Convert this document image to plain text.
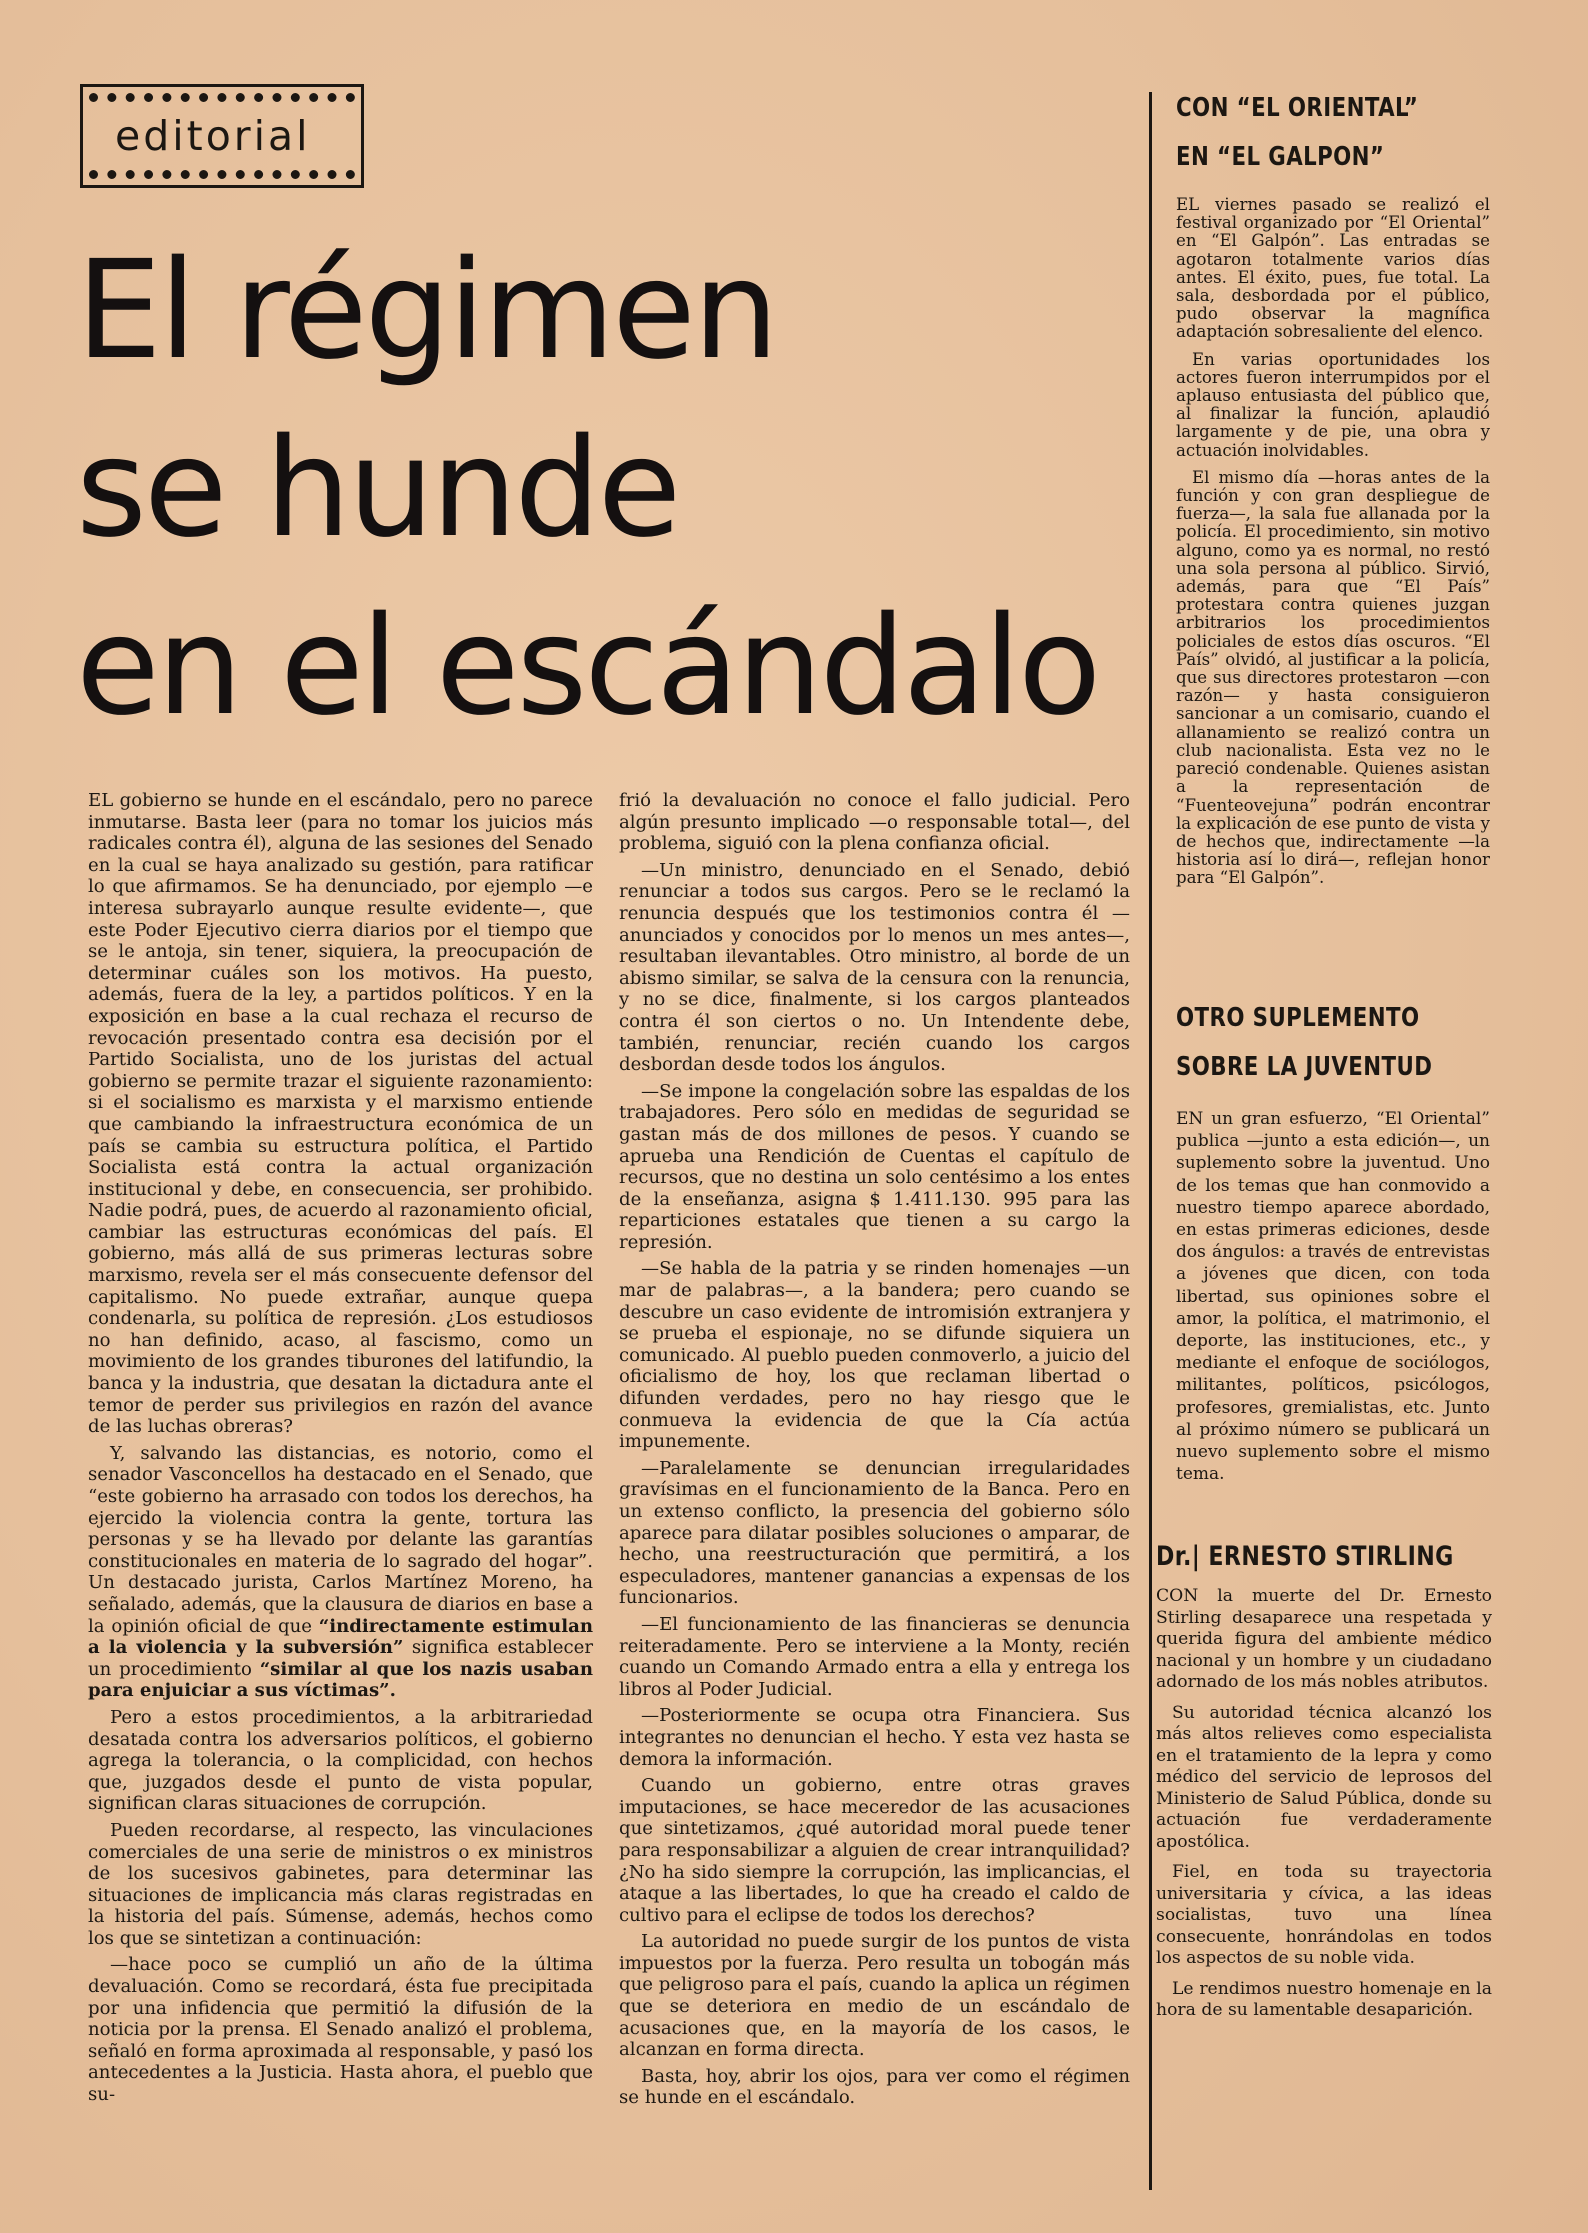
editorial
El régimen
se hunde
en el escándalo

EL gobierno se hunde en el escándalo, pero no parece inmutarse. Basta leer (para no tomar los juicios más radicales contra él), alguna de las sesiones del Senado en la cual se haya analizado su gestión, para ratificar lo que afirmamos. Se ha denunciado, por ejemplo —e interesa subrayarlo aunque resulte evidente—, que este Poder Ejecutivo cierra diarios por el tiempo que se le antoja, sin tener, siquiera, la preocupación de determinar cuáles son los motivos. Ha puesto, además, fuera de la ley, a partidos políticos. Y en la exposición en base a la cual rechaza el recurso de revocación presentado contra esa decisión por el Partido Socialista, uno de los juristas del actual gobierno se permite trazar el siguiente razonamiento: si el socialismo es marxista y el marxismo entiende que cambiando la infraestructura económica de un país se cambia su estructura política, el Partido Socialista está contra la actual organización institucional y debe, en consecuencia, ser prohibido. Nadie podrá, pues, de acuerdo al razonamiento oficial, cambiar las estructuras económicas del país. El gobierno, más allá de sus primeras lecturas sobre marxismo, revela ser el más consecuente defensor del capitalismo. No puede extrañar, aunque quepa condenarla, su política de represión. ¿Los estudiosos no han definido, acaso, al fascismo, como un movimiento de los grandes tiburones del latifundio, la banca y la industria, que desatan la dictadura ante el temor de perder sus privilegios en razón del avance de las luchas obreras?

Y, salvando las distancias, es notorio, como el senador Vasconcellos ha destacado en el Senado, que “este gobierno ha arrasado con todos los derechos, ha ejercido la violencia contra la gente, tortura las personas y se ha llevado por delante las garantías constitucionales en materia de lo sagrado del hogar”. Un destacado jurista, Carlos Martínez Moreno, ha señalado, además, que la clausura de diarios en base a la opinión oficial de que “indirectamente estimulan a la violencia y la subversión” significa establecer un procedimiento “similar al que los nazis usaban para enjuiciar a sus víctimas”.

Pero a estos procedimientos, a la arbitrariedad desatada contra los adversarios políticos, el gobierno agrega la tolerancia, o la complicidad, con hechos que, juzgados desde el punto de vista popular, significan claras situaciones de corrupción.

Pueden recordarse, al respecto, las vinculaciones comerciales de una serie de ministros o ex ministros de los sucesivos gabinetes, para determinar las situaciones de implicancia más claras registradas en la historia del país. Súmense, además, hechos como los que se sintetizan a continuación:

—hace poco se cumplió un año de la última devaluación. Como se recordará, ésta fue precipitada por una infidencia que permitió la difusión de la noticia por la prensa. El Senado analizó el problema, señaló en forma aproximada al responsable, y pasó los antecedentes a la Justicia. Hasta ahora, el pueblo que su-

frió la devaluación no conoce el fallo judicial. Pero algún presunto implicado —o responsable total—, del problema, siguió con la plena confianza oficial.

—Un ministro, denunciado en el Senado, debió renunciar a todos sus cargos. Pero se le reclamó la renuncia después que los testimonios contra él —anunciados y conocidos por lo menos un mes antes—, resultaban ilevantables. Otro ministro, al borde de un abismo similar, se salva de la censura con la renuncia, y no se dice, finalmente, si los cargos planteados contra él son ciertos o no. Un Intendente debe, también, renunciar, recién cuando los cargos desbordan desde todos los ángulos.

—Se impone la congelación sobre las espaldas de los trabajadores. Pero sólo en medidas de seguridad se gastan más de dos millones de pesos. Y cuando se aprueba una Rendición de Cuentas el capítulo de recursos, que no destina un solo centésimo a los entes de la enseñanza, asigna $ 1.411.130. 995 para las reparticiones estatales que tienen a su cargo la represión.

—Se habla de la patria y se rinden homenajes —un mar de palabras—, a la bandera; pero cuando se descubre un caso evidente de intromisión extranjera y se prueba el espionaje, no se difunde siquiera un comunicado. Al pueblo pueden conmoverlo, a juicio del oficialismo de hoy, los que reclaman libertad o difunden verdades, pero no hay riesgo que le conmueva la evidencia de que la Cía actúa impunemente.

—Paralelamente se denuncian irregularidades gravísimas en el funcionamiento de la Banca. Pero en un extenso conflicto, la presencia del gobierno sólo aparece para dilatar posibles soluciones o amparar, de hecho, una reestructuración que permitirá, a los especuladores, mantener ganancias a expensas de los funcionarios.

—El funcionamiento de las financieras se denuncia reiteradamente. Pero se interviene a la Monty, recién cuando un Comando Armado entra a ella y entrega los libros al Poder Judicial.

—Posteriormente se ocupa otra Financiera. Sus integrantes no denuncian el hecho. Y esta vez hasta se demora la información.

Cuando un gobierno, entre otras graves imputaciones, se hace meceredor de las acusaciones que sintetizamos, ¿qué autoridad moral puede tener para responsabilizar a alguien de crear intranquilidad? ¿No ha sido siempre la corrupción, las implicancias, el ataque a las libertades, lo que ha creado el caldo de cultivo para el eclipse de todos los derechos?

La autoridad no puede surgir de los puntos de vista impuestos por la fuerza. Pero resulta un tobogán más que peligroso para el país, cuando la aplica un régimen que se deteriora en medio de un escándalo de acusaciones que, en la mayoría de los casos, le alcanzan en forma directa.

Basta, hoy, abrir los ojos, para ver como el régimen se hunde en el escándalo.

CON “EL ORIENTAL”
EN “EL GALPON”

EL viernes pasado se realizó el festival organizado por “El Oriental” en “El Galpón”. Las entradas se agotaron totalmente varios días antes. El éxito, pues, fue total. La sala, desbordada por el público, pudo observar la magnífica adaptación sobresaliente del elenco.

En varias oportunidades los actores fueron interrumpidos por el aplauso entusiasta del público que, al finalizar la función, aplaudió largamente y de pie, una obra y actuación inolvidables.

El mismo día —horas antes de la función y con gran despliegue de fuerza—, la sala fue allanada por la policía. El procedimiento, sin motivo alguno, como ya es normal, no restó una sola persona al público. Sirvió, además, para que “El País” protestara contra quienes juzgan arbitrarios los procedimientos policiales de estos días oscuros. “El País” olvidó, al justificar a la policía, que sus directores protestaron —con razón— y hasta consiguieron sancionar a un comisario, cuando el allanamiento se realizó contra un club nacionalista. Esta vez no le pareció condenable. Quienes asistan a la representación de “Fuenteovejuna” podrán encontrar la explicación de ese punto de vista y de hechos que, indirectamente —la historia así lo dirá—, reflejan honor para “El Galpón”.

OTRO SUPLEMENTO
SOBRE LA JUVENTUD

EN un gran esfuerzo, “El Oriental” publica —junto a esta edición—, un suplemento sobre la juventud. Uno de los temas que han conmovido a nuestro tiempo aparece abordado, en estas primeras ediciones, desde dos ángulos: a través de entrevistas a jóvenes que dicen, con toda libertad, sus opiniones sobre el amor, la política, el matrimonio, el deporte, las instituciones, etc., y mediante el enfoque de sociólogos, militantes, políticos, psicólogos, profesores, gremialistas, etc. Junto al próximo número se publicará un nuevo suplemento sobre el mismo tema.

Dr.| ERNESTO STIRLING

CON la muerte del Dr. Ernesto Stirling desaparece una respetada y querida figura del ambiente médico nacional y un hombre y un ciudadano adornado de los más nobles atributos.

Su autoridad técnica alcanzó los más altos relieves como especialista en el tratamiento de la lepra y como médico del servicio de leprosos del Ministerio de Salud Pública, donde su actuación fue verdaderamente apostólica.

Fiel, en toda su trayectoria universitaria y cívica, a las ideas socialistas, tuvo una línea consecuente, honrándolas en todos los aspectos de su noble vida.

Le rendimos nuestro homenaje en la hora de su lamentable desaparición.
